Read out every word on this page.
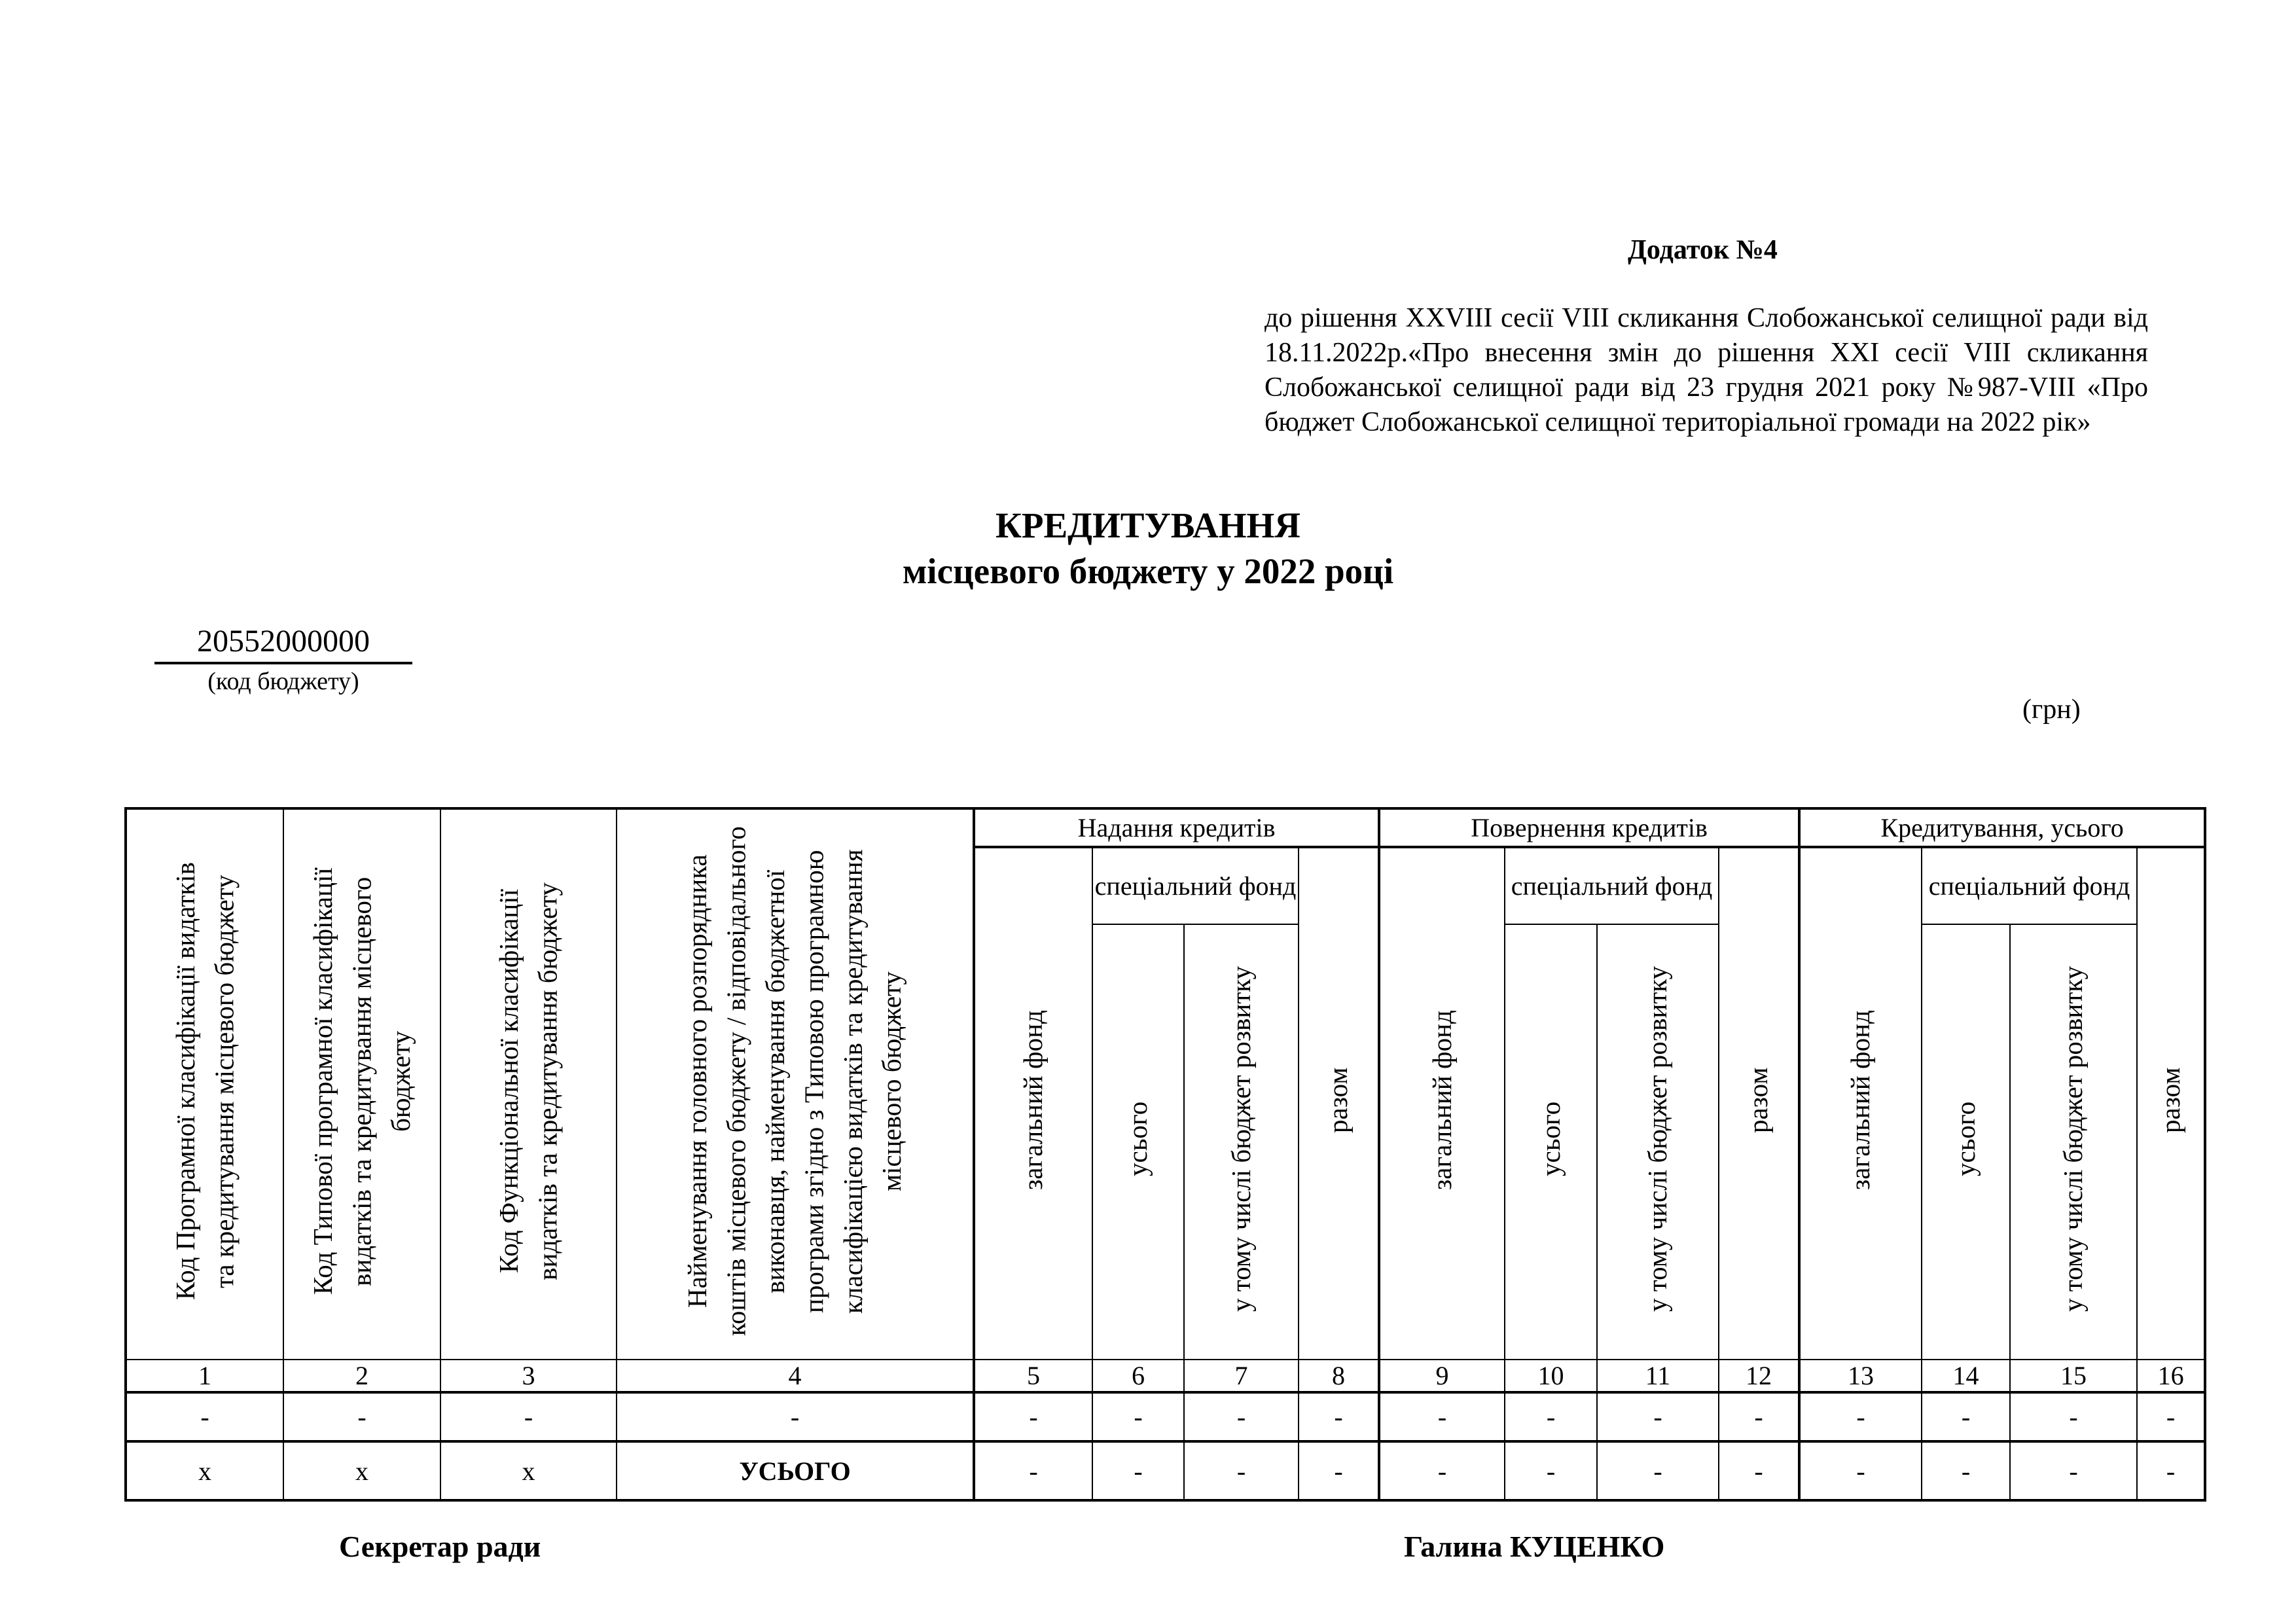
Додаток №4
до рішення XXVIII сесії VIII скликання Слобожанської селищної ради від 18.11.2022р.«Про внесення змін до рішення XXI сесії VIII скликання Слобожанської селищної ради від 23 грудня 2021 року №987-VIII «Про бюджет Слобожанської селищної територіальної громади на 2022 рік»
КРЕДИТУВАННЯ
місцевого бюджету у 2022 році
20552000000
(код бюджету)
(грн)
Код Програмної класифікації видатків та кредитування місцевого бюджету	Код Типової програмної класифікації видатків та кредитування місцевого бюджету	Код Функціональної класифікації видатків та кредитування бюджету	Найменування головного розпорядника коштів місцевого бюджету / відповідального виконавця, найменування бюджетної програми згідно з Типовою програмною класифікацією видатків та кредитування місцевого бюджету	Надання кредитів				Повернення кредитів				Кредитування, усього			
				загальний фонд	спеціальний фонд		разом	загальний фонд	спеціальний фонд		разом	загальний фонд	спеціальний фонд		разом
					усього	у тому числі бюджет розвитку			усього	у тому числі бюджет розвитку			усього	у тому числі бюджет розвитку	
1	2	3	4	5	6	7	8	9	10	11	12	13	14	15	16
-	-	-	-	-	-	-	-	-	-	-	-	-	-	-	-
х	х	х	УСЬОГО	-	-	-	-	-	-	-	-	-	-	-	-
Секретар ради	Галина КУЦЕНКО
